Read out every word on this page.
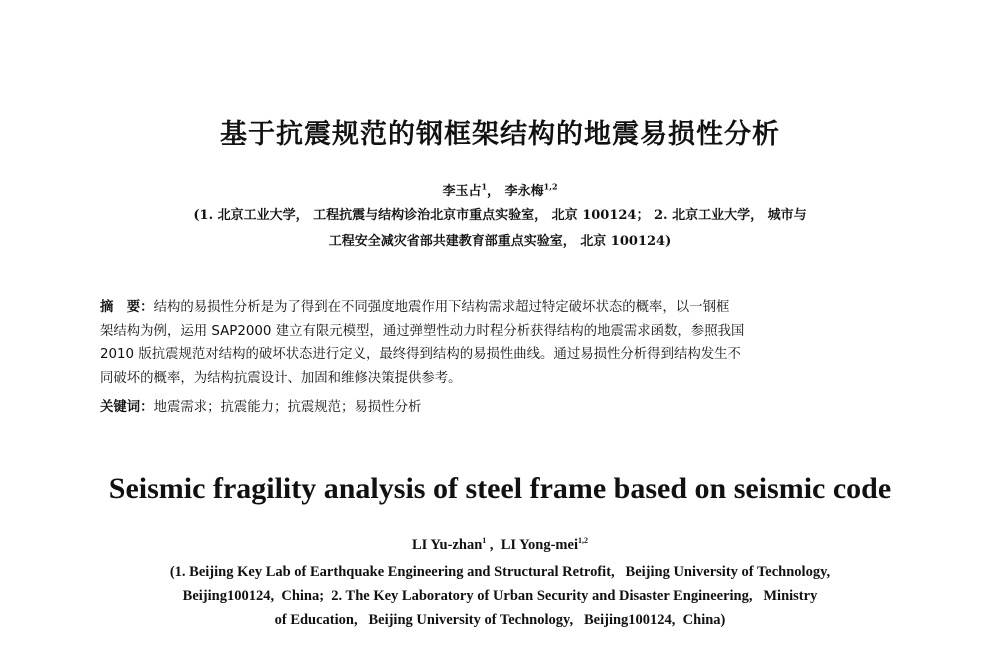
基于抗震规范的钢框架结构的地震易损性分析
李玉占$^1$， 李永梅$^{1,2}$
(1. 北京工业大学， 工程抗震与结构诊治北京市重点实验室， 北京 100124； 2. 北京工业大学， 城市与
工程安全减灾省部共建教育部重点实验室， 北京 100124)
摘　要：结构的易损性分析是为了得到在不同强度地震作用下结构需求超过特定破坏状态的概率，以一钢框
架结构为例，运用 SAP2000 建立有限元模型，通过弹塑性动力时程分析获得结构的地震需求函数，参照我国
2010 版抗震规范对结构的破坏状态进行定义，最终得到结构的易损性曲线。通过易损性分析得到结构发生不
同破坏的概率，为结构抗震设计、加固和维修决策提供参考。
关键词：地震需求；抗震能力；抗震规范；易损性分析
Seismic fragility analysis of steel frame based on seismic code
LI Yu-zhan$^1$ ,  LI Yong-mei$^{1,2}$
(1. Beijing Key Lab of Earthquake Engineering and Structural Retrofit,   Beijing University of Technology,
Beijing100124,  China;  2. The Key Laboratory of Urban Security and Disaster Engineering,   Ministry
of Education,   Beijing University of Technology,   Beijing100124,  China)
